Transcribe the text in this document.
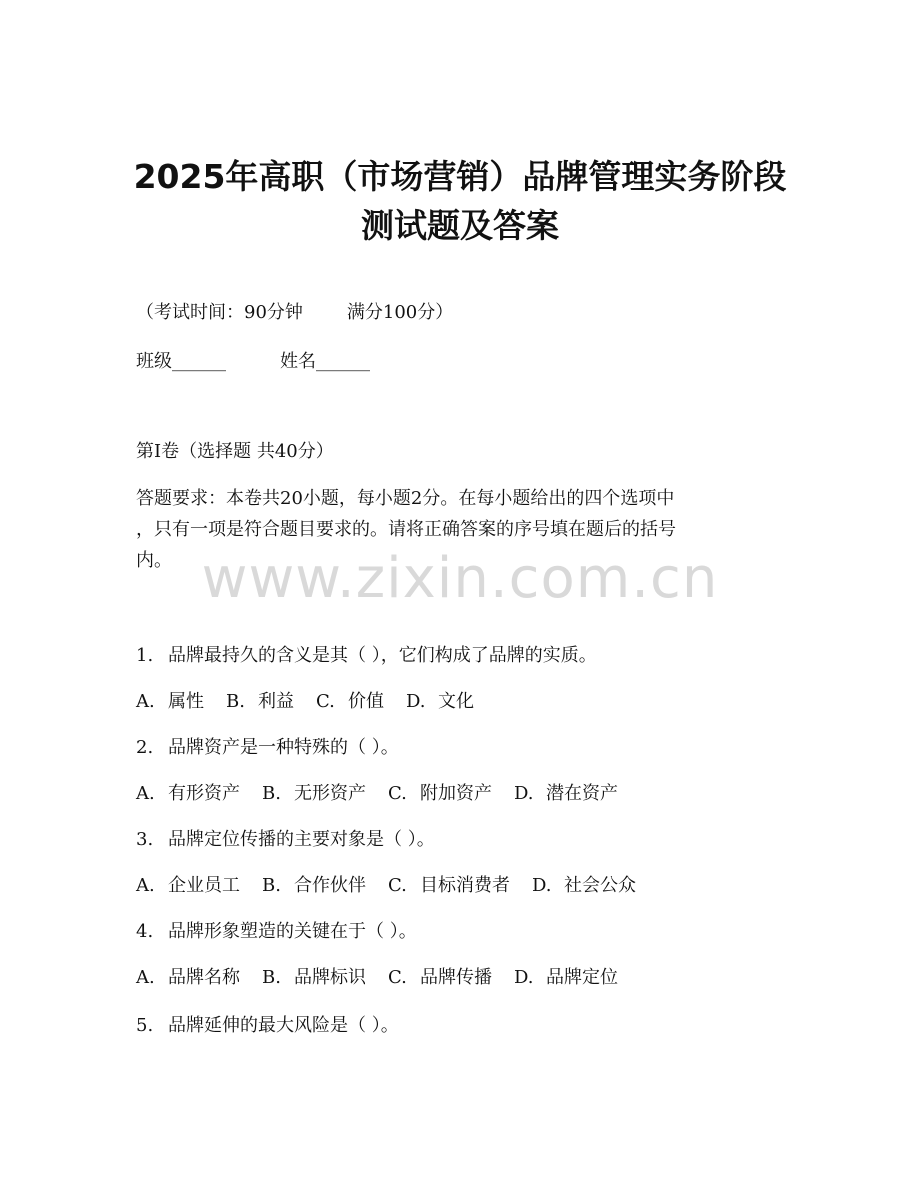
2025年高职（市场营销）品牌管理实务阶段
测试题及答案
（考试时间：90分钟 满分100分）
班级______	姓名______
第I卷（选择题 共40分）
答题要求：本卷共20小题，每小题2分。在每小题给出的四个选项中
，只有一项是符合题目要求的。请将正确答案的序号填在题后的括号
内。 www.zixin.com.cn
1. 品牌最持久的含义是其（ ），它们构成了品牌的实质。
A. 属性 B. 利益 C. 价值 D. 文化
2. 品牌资产是一种特殊的（ ）。
A. 有形资产 B. 无形资产 C. 附加资产 D. 潜在资产
3. 品牌定位传播的主要对象是（ ）。
A. 企业员工 B. 合作伙伴 C. 目标消费者 D. 社会公众
4. 品牌形象塑造的关键在于（ ）。
A. 品牌名称 B. 品牌标识 C. 品牌传播 D. 品牌定位
5. 品牌延伸的最大风险是（ ）。
